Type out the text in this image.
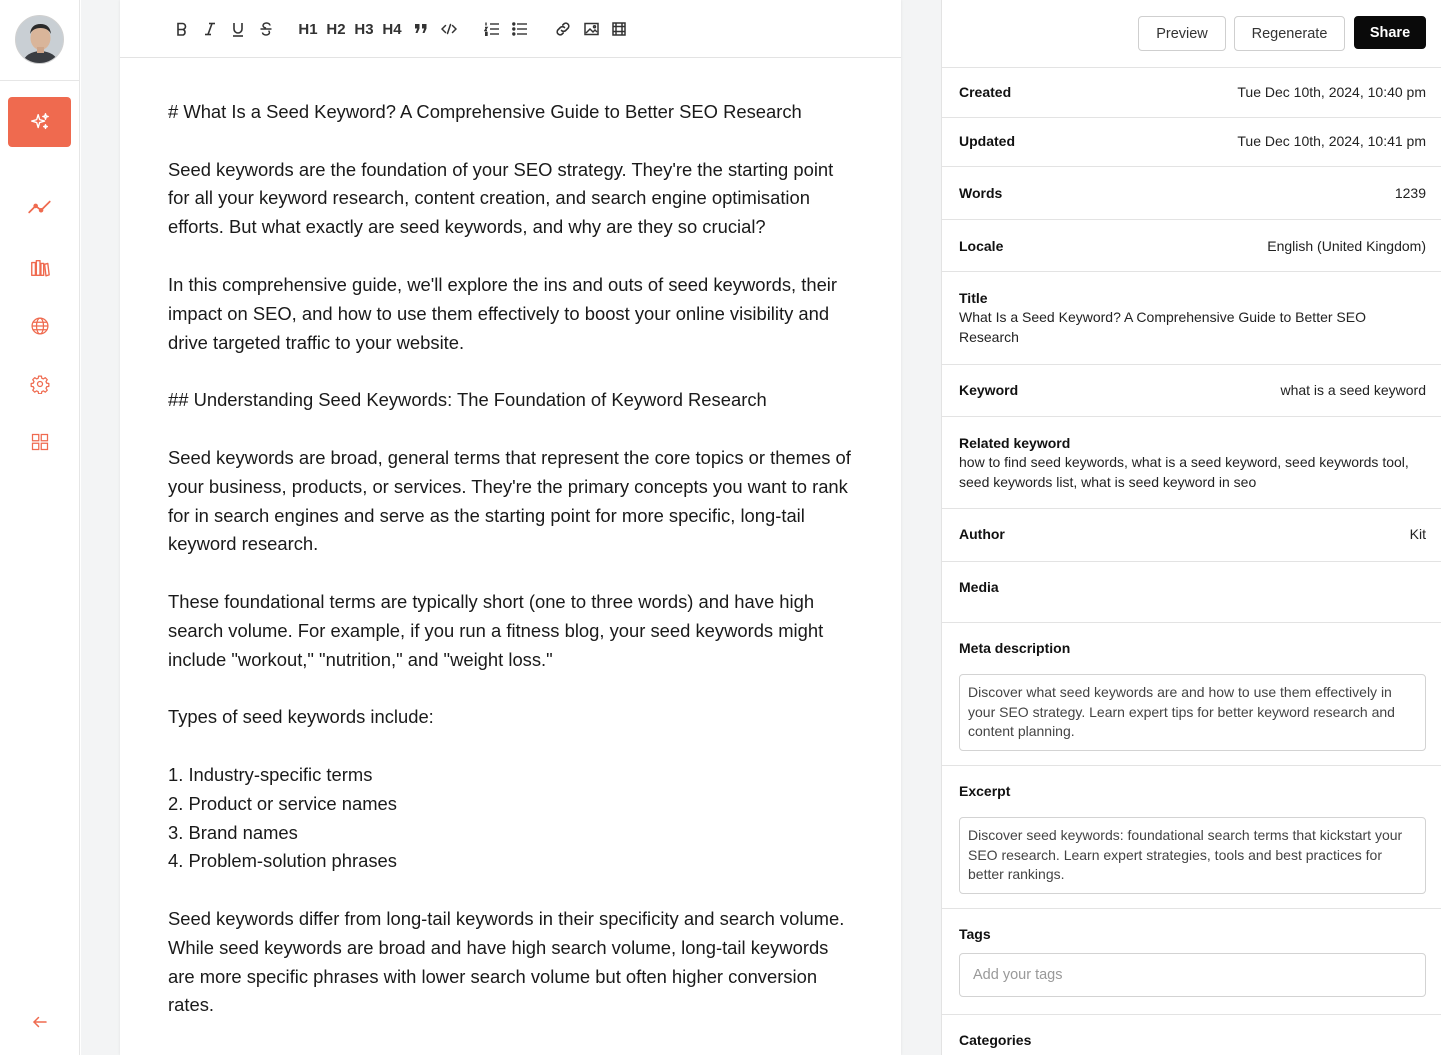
H1 H2 H3 H4

# What Is a Seed Keyword? A Comprehensive Guide to Better SEO Research

Seed keywords are the foundation of your SEO strategy. They're the starting point for all your keyword research, content creation, and search engine optimisation efforts. But what exactly are seed keywords, and why are they so crucial?

In this comprehensive guide, we'll explore the ins and outs of seed keywords, their impact on SEO, and how to use them effectively to boost your online visibility and drive targeted traffic to your website.

## Understanding Seed Keywords: The Foundation of Keyword Research

Seed keywords are broad, general terms that represent the core topics or themes of your business, products, or services. They're the primary concepts you want to rank for in search engines and serve as the starting point for more specific, long-tail keyword research.

These foundational terms are typically short (one to three words) and have high search volume. For example, if you run a fitness blog, your seed keywords might include "workout," "nutrition," and "weight loss."

Types of seed keywords include:

1. Industry-specific terms
2. Product or service names
3. Brand names
4. Problem-solution phrases

Seed keywords differ from long-tail keywords in their specificity and search volume. While seed keywords are broad and have high search volume, long-tail keywords are more specific phrases with lower search volume but often higher conversion rates.

Preview	Regenerate	Share
Created	Tue Dec 10th, 2024, 10:40 pm
Updated	Tue Dec 10th, 2024, 10:41 pm
Words	1239
Locale	English (United Kingdom)
Title
What Is a Seed Keyword? A Comprehensive Guide to Better SEO Research
Keyword	what is a seed keyword
Related keyword
how to find seed keywords, what is a seed keyword, seed keywords tool, seed keywords list, what is seed keyword in seo
Author	Kit
Media
Meta description
Discover what seed keywords are and how to use them effectively in your SEO strategy. Learn expert tips for better keyword research and content planning.
Excerpt
Discover seed keywords: foundational search terms that kickstart your SEO research. Learn expert strategies, tools and best practices for better rankings.
Tags
Add your tags
Categories
